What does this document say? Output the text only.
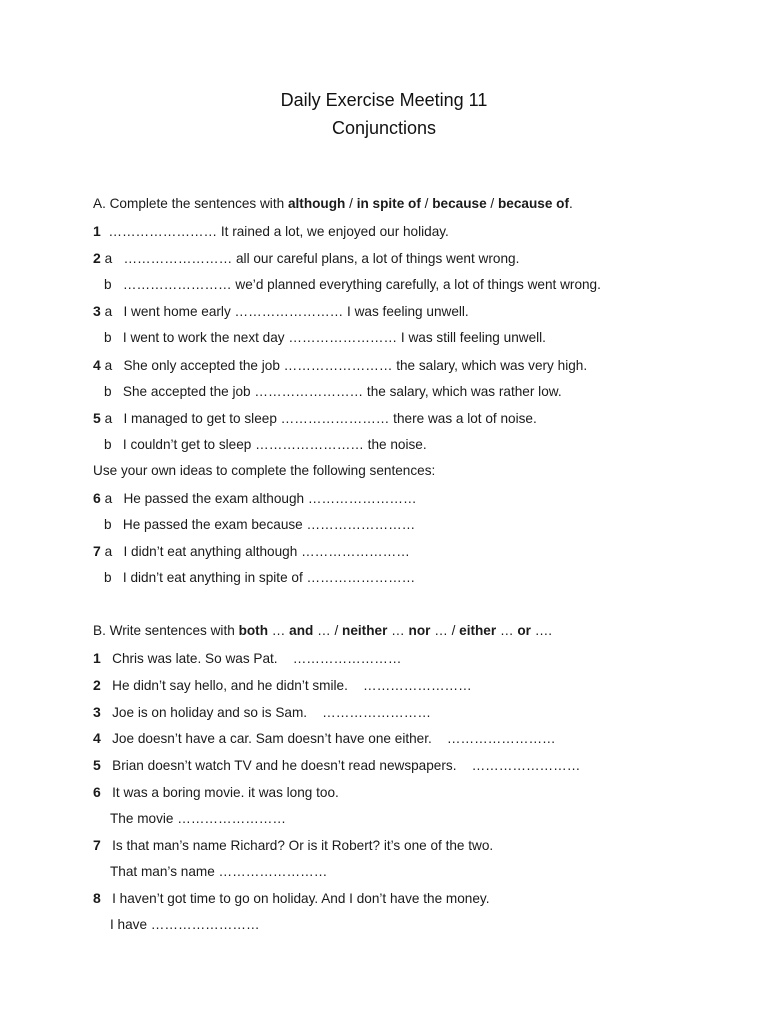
Daily Exercise Meeting 11
Conjunctions
A. Complete the sentences with although / in spite of / because / because of.
1  …………………… It rained a lot, we enjoyed our holiday.
2 a   …………………… all our careful plans, a lot of things went wrong.
b   …………………… we’d planned everything carefully, a lot of things went wrong.
3 a   I went home early …………………… I was feeling unwell.
b   I went to work the next day …………………… I was still feeling unwell.
4 a   She only accepted the job …………………… the salary, which was very high.
b   She accepted the job …………………… the salary, which was rather low.
5 a   I managed to get to sleep …………………… there was a lot of noise.
b   I couldn’t get to sleep …………………… the noise.
Use your own ideas to complete the following sentences:
6 a   He passed the exam although ……………………
b   He passed the exam because ……………………
7 a   I didn’t eat anything although ……………………
b   I didn’t eat anything in spite of ……………………
B. Write sentences with both … and … / neither … nor … / either … or ….
1   Chris was late. So was Pat.    ……………………
2   He didn’t say hello, and he didn’t smile.    ……………………
3   Joe is on holiday and so is Sam.    ……………………
4   Joe doesn’t have a car. Sam doesn’t have one either.    ……………………
5   Brian doesn’t watch TV and he doesn’t read newspapers.    ……………………
6   It was a boring movie. it was long too.
The movie ……………………
7   Is that man’s name Richard? Or is it Robert? it’s one of the two.
That man’s name ……………………
8   I haven’t got time to go on holiday. And I don’t have the money.
I have ……………………
